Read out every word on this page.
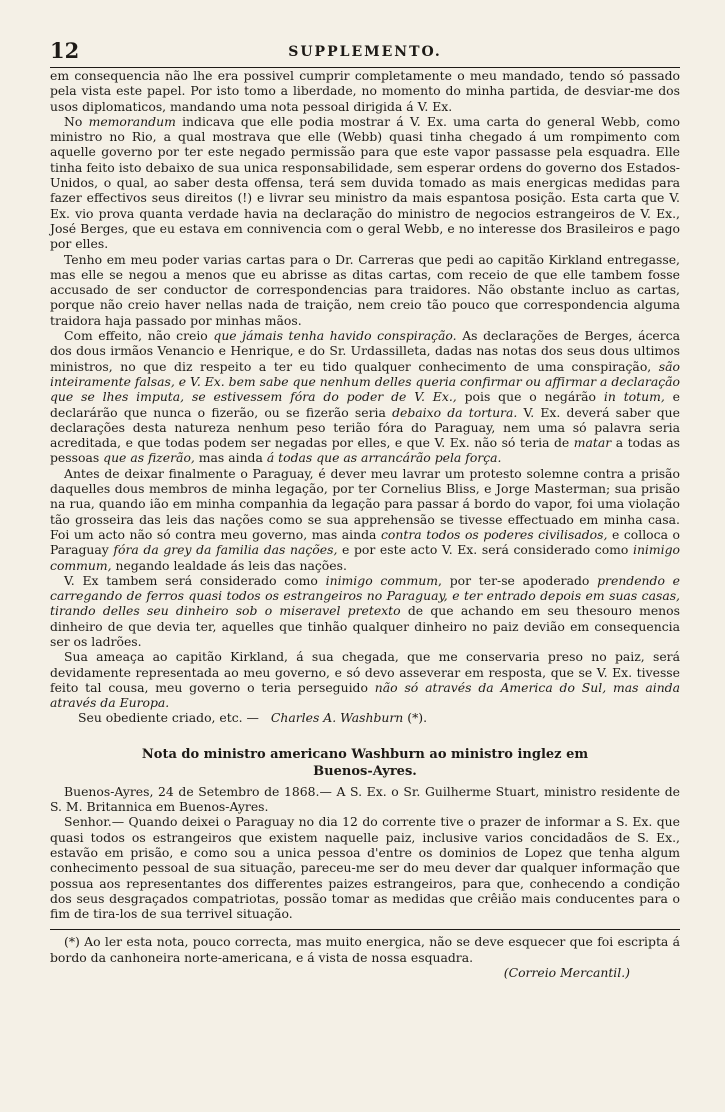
12	SUPPLEMENTO.

em consequencia não lhe era possivel cumprir completamente o meu mandado, tendo só passado pela vista este papel. Por isto tomo a liberdade, no momento do minha partida, de desviar-me dos usos diplomaticos, mandando uma nota pessoal dirigida á V. Ex.

No memorandum indicava que elle podia mostrar á V. Ex. uma carta do general Webb, como ministro no Rio, a qual mostrava que elle (Webb) quasi tinha chegado á um rompimento com aquelle governo por ter este negado permissão para que este vapor passasse pela esquadra. Elle tinha feito isto debaixo de sua unica responsabilidade, sem esperar ordens do governo dos Estados-Unidos, o qual, ao saber desta offensa, terá sem duvida tomado as mais energicas medidas para fazer effectivos seus direitos (!) e livrar seu ministro da mais espantosa posição. Esta carta que V. Ex. vio prova quanta verdade havia na declaração do ministro de negocios estrangeiros de V. Ex., José Berges, que eu estava em connivencia com o geral Webb, e no interesse dos Brasileiros e pago por elles.

Tenho em meu poder varias cartas para o Dr. Carreras que pedi ao capitão Kirkland entregasse, mas elle se negou a menos que eu abrisse as ditas cartas, com receio de que elle tambem fosse accusado de ser conductor de correspondencias para traidores. Não obstante incluo as cartas, porque não creio haver nellas nada de traição, nem creio tão pouco que correspondencia alguma traidora haja passado por minhas mãos.

Com effeito, não creio que jámais tenha havido conspiração. As declarações de Berges, ácerca dos dous irmãos Venancio e Henrique, e do Sr. Urdassilleta, dadas nas notas dos seus dous ultimos ministros, no que diz respeito a ter eu tido qualquer conhecimento de uma conspiração, são inteiramente falsas, e V. Ex. bem sabe que nenhum delles queria confirmar ou affirmar a declaração que se lhes imputa, se estivessem fóra do poder de V. Ex., pois que o negárão in totum, e declarárão que nunca o fizerão, ou se fizerão seria debaixo da tortura. V. Ex. deverá saber que declarações desta natureza nenhum peso terião fóra do Paraguay, nem uma só palavra seria acreditada, e que todas podem ser negadas por elles, e que V. Ex. não só teria de matar a todas as pessoas que as fizerão, mas ainda á todas que as arrancárão pela força.

Antes de deixar finalmente o Paraguay, é dever meu lavrar um protesto solemne contra a prisão daquelles dous membros de minha legação, por ter Cornelius Bliss, e Jorge Masterman; sua prisão na rua, quando ião em minha companhia da legação para passar á bordo do vapor, foi uma violação tão grosseira das leis das nações como se sua apprehensão se tivesse effectuado em minha casa. Foi um acto não só contra meu governo, mas ainda contra todos os poderes civilisados, e colloca o Paraguay fóra da grey da familia das nações, e por este acto V. Ex. será considerado como inimigo commum, negando lealdade ás leis das nações.

V. Ex tambem será considerado como inimigo commum, por ter-se apoderado prendendo e carregando de ferros quasi todos os estrangeiros no Paraguay, e ter entrado depois em suas casas, tirando delles seu dinheiro sob o miseravel pretexto de que achando em seu thesouro menos dinheiro de que devia ter, aquelles que tinhão qualquer dinheiro no paiz devião em consequencia ser os ladrões.

Sua ameaça ao capitão Kirkland, á sua chegada, que me conservaria preso no paiz, será devidamente representada ao meu governo, e só devo asseverar em resposta, que se V. Ex. tivesse feito tal cousa, meu governo o teria perseguido não só através da America do Sul, mas ainda através da Europa.

Seu obediente criado, etc. — Charles A. Washburn (*).

Nota do ministro americano Washburn ao ministro inglez em
Buenos-Ayres.

Buenos-Ayres, 24 de Setembro de 1868.— A S. Ex. o Sr. Guilherme Stuart, ministro residente de S. M. Britannica em Buenos-Ayres.

Senhor.— Quando deixei o Paraguay no dia 12 do corrente tive o prazer de informar a S. Ex. que quasi todos os estrangeiros que existem naquelle paiz, inclusive varios concidadãos de S. Ex., estavão em prisão, e como sou a unica pessoa d'entre os dominios de Lopez que tenha algum conhecimento pessoal de sua situação, pareceu-me ser do meu dever dar qualquer informação que possua aos representantes dos differentes paizes estrangeiros, para que, conhecendo a condição dos seus desgraçados compatriotas, possão tomar as medidas que crêião mais conducentes para o fim de tira-los de sua terrivel situação.

(*) Ao ler esta nota, pouco correcta, mas muito energica, não se deve esquecer que foi escripta á bordo da canhoneira norte-americana, e á vista de nossa esquadra.

(Correio Mercantil.)
